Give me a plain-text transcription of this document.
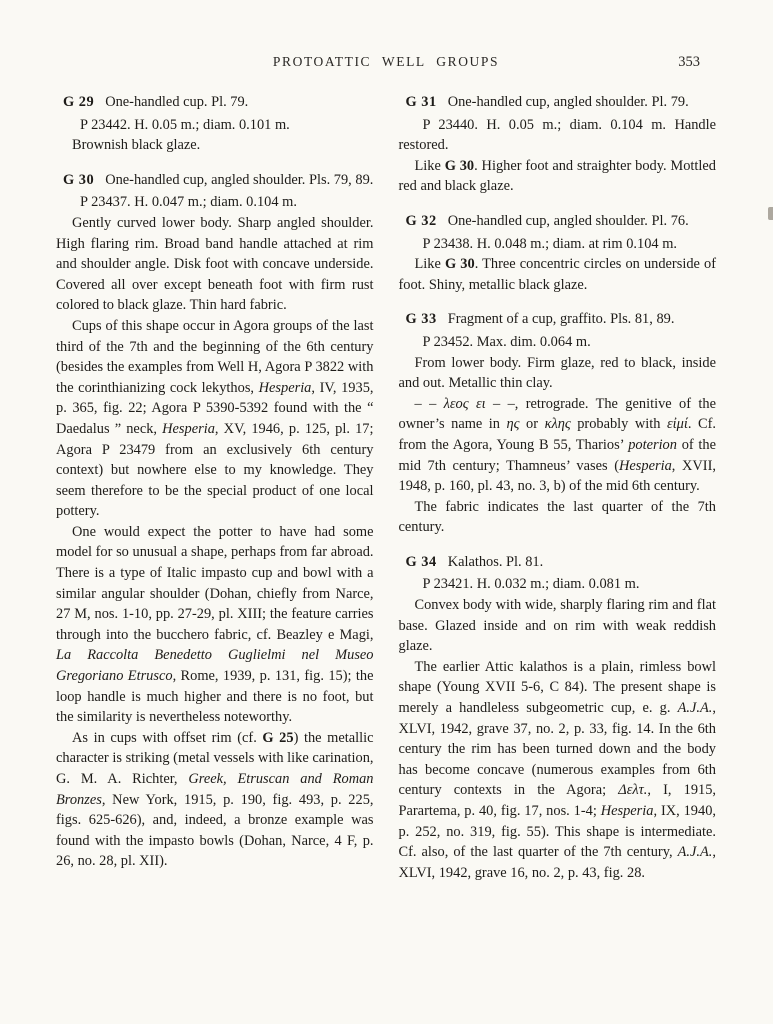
PROTOATTIC WELL GROUPS	353

G 29 One-handled cup. Pl. 79.

P 23442. H. 0.05 m.; diam. 0.101 m.

Brownish black glaze.

G 30 One-handled cup, angled shoulder. Pls. 79, 89.

P 23437. H. 0.047 m.; diam. 0.104 m.

Gently curved lower body. Sharp angled shoulder. High flaring rim. Broad band handle attached at rim and shoulder angle. Disk foot with concave underside. Covered all over except beneath foot with firm rust colored to black glaze. Thin hard fabric.

Cups of this shape occur in Agora groups of the last third of the 7th and the beginning of the 6th century (besides the examples from Well H, Agora P 3822 with the corinthianizing cock lekythos, Hesperia, IV, 1935, p. 365, fig. 22; Agora P 5390-5392 found with the “ Daedalus ” neck, Hesperia, XV, 1946, p. 125, pl. 17; Agora P 23479 from an exclusively 6th century context) but nowhere else to my knowledge. They seem therefore to be the special product of one local pottery.

One would expect the potter to have had some model for so unusual a shape, perhaps from far abroad. There is a type of Italic impasto cup and bowl with a similar angular shoulder (Dohan, chiefly from Narce, 27 M, nos. 1-10, pp. 27-29, pl. XIII; the feature carries through into the bucchero fabric, cf. Beazley e Magi, La Raccolta Benedetto Guglielmi nel Museo Gregoriano Etrusco, Rome, 1939, p. 131, fig. 15); the loop handle is much higher and there is no foot, but the similarity is nevertheless noteworthy.

As in cups with offset rim (cf. G 25) the metallic character is striking (metal vessels with like carination, G. M. A. Richter, Greek, Etruscan and Roman Bronzes, New York, 1915, p. 190, fig. 493, p. 225, figs. 625-626), and, indeed, a bronze example was found with the impasto bowls (Dohan, Narce, 4 F, p. 26, no. 28, pl. XII).

G 31 One-handled cup, angled shoulder. Pl. 79.

P 23440. H. 0.05 m.; diam. 0.104 m. Handle restored.

Like G 30. Higher foot and straighter body. Mottled red and black glaze.

G 32 One-handled cup, angled shoulder. Pl. 76.

P 23438. H. 0.048 m.; diam. at rim 0.104 m.

Like G 30. Three concentric circles on underside of foot. Shiny, metallic black glaze.

G 33 Fragment of a cup, graffito. Pls. 81, 89.

P 23452. Max. dim. 0.064 m.

From lower body. Firm glaze, red to black, inside and out. Metallic thin clay.

– – λεος ει – –, retrograde. The genitive of the owner’s name in ης or κλης probably with εἰμί. Cf. from the Agora, Young B 55, Tharios’ poterion of the mid 7th century; Thamneus’ vases (Hesperia, XVII, 1948, p. 160, pl. 43, no. 3, b) of the mid 6th century.

The fabric indicates the last quarter of the 7th century.

G 34 Kalathos. Pl. 81.

P 23421. H. 0.032 m.; diam. 0.081 m.

Convex body with wide, sharply flaring rim and flat base. Glazed inside and on rim with weak reddish glaze.

The earlier Attic kalathos is a plain, rimless bowl shape (Young XVII 5-6, C 84). The present shape is merely a handleless subgeometric cup, e. g. A.J.A., XLVI, 1942, grave 37, no. 2, p. 33, fig. 14. In the 6th century the rim has been turned down and the body has become concave (numerous examples from 6th century contexts in the Agora; Δελτ., I, 1915, Parartema, p. 40, fig. 17, nos. 1-4; Hesperia, IX, 1940, p. 252, no. 319, fig. 55). This shape is intermediate. Cf. also, of the last quarter of the 7th century, A.J.A., XLVI, 1942, grave 16, no. 2, p. 43, fig. 28.
